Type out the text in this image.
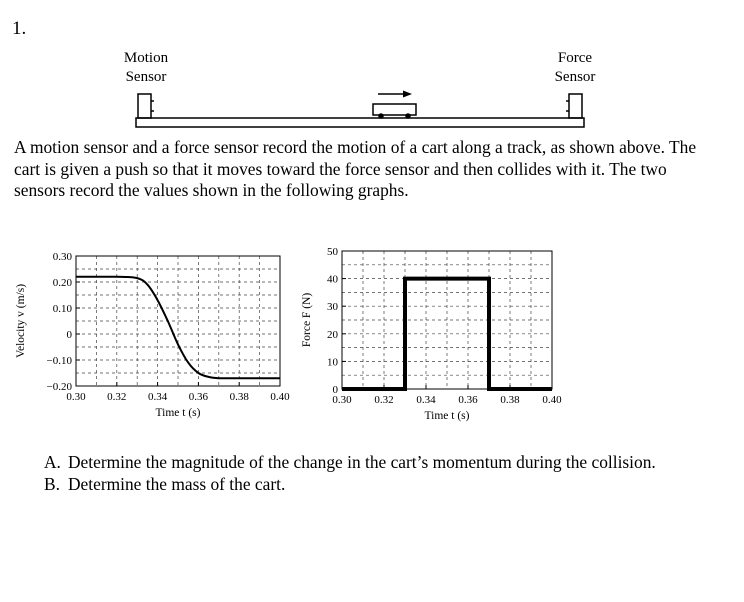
1.
Motion
Sensor
Force
Sensor

A motion sensor and a force sensor record the motion of a cart along a track, as shown above. The cart is given a push so that it moves toward the force sensor and then collides with it. The two sensors record the values shown in the following graphs.

0.30 0.32 0.34 0.36 0.38 0.40
−0.20
−0.10
0
0.10
0.20
0.30
Time t (s)
Velocity v (m/s)
0.30 0.32 0.34 0.36 0.38 0.40
0
10
20
30
40
50
Time t (s)
Force F (N)
A. Determine the magnitude of the change in the cart’s momentum during the collision.
B. Determine the mass of the cart.
